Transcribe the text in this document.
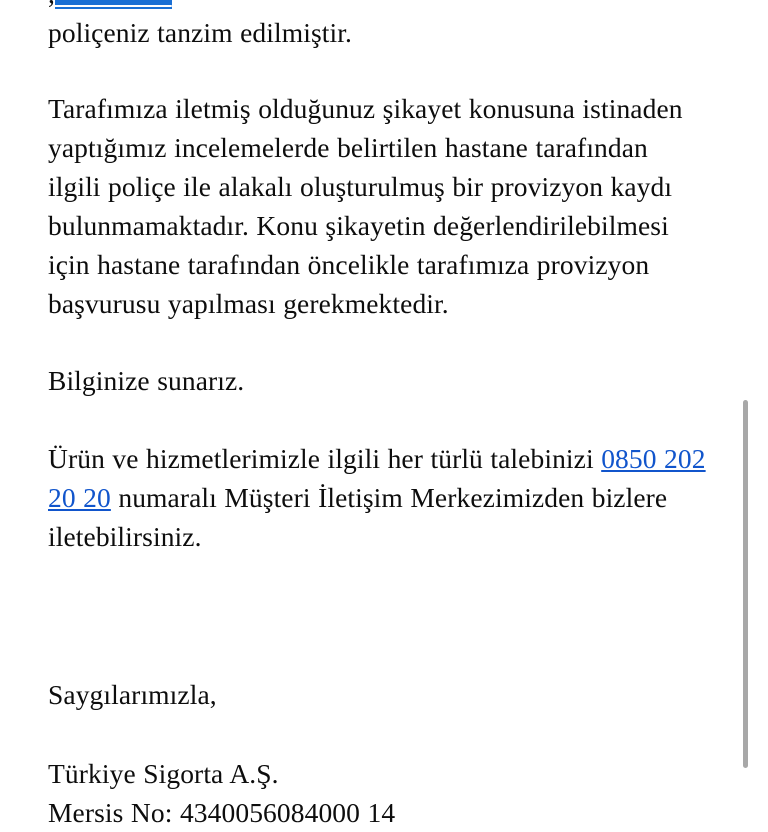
poliçeniz tanzim edilmiştir.

Tarafımıza iletmiş olduğunuz şikayet konusuna istinaden yaptığımız incelemelerde belirtilen hastane tarafından ilgili poliçe ile alakalı oluşturulmuş bir provizyon kaydı bulunmamaktadır. Konu şikayetin değerlendirilebilmesi için hastane tarafından öncelikle tarafımıza provizyon başvurusu yapılması gerekmektedir.

Bilginize sunarız.

Ürün ve hizmetlerimizle ilgili her türlü talebinizi 0850 202 20 20 numaralı Müşteri İletişim Merkezimizden bizlere iletebilirsiniz.

Saygılarımızla,

Türkiye Sigorta A.Ş.

Mersis No: 4340056084000 14
